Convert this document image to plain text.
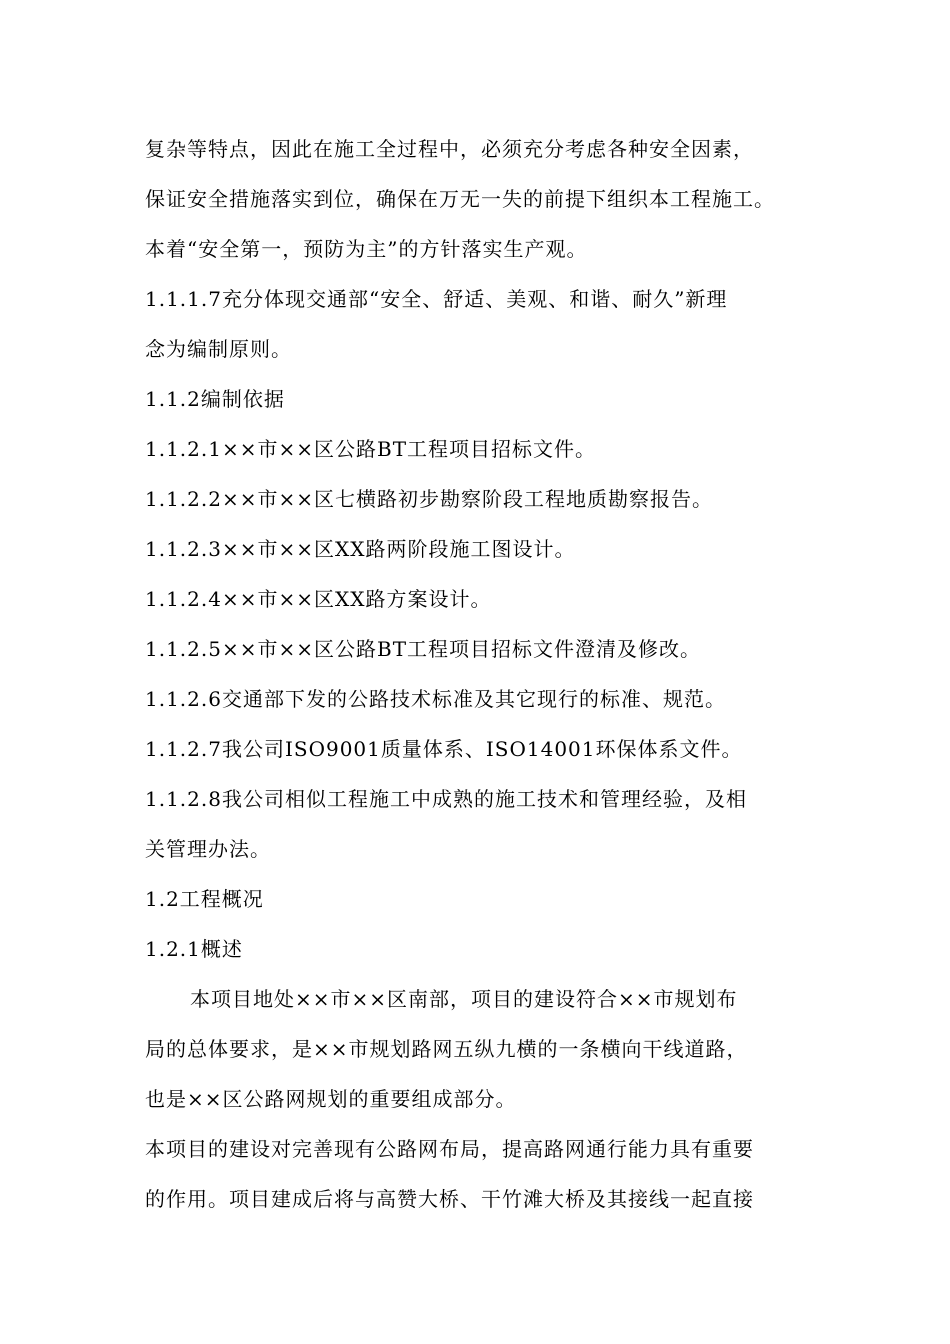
复杂等特点，因此在施工全过程中，必须充分考虑各种安全因素，
保证安全措施落实到位，确保在万无一失的前提下组织本工程施工。
本着“安全第一，预防为主”的方针落实生产观。
1.1.1.7充分体现交通部“安全、舒适、美观、和谐、耐久”新理
念为编制原则。
1.1.2编制依据
1.1.2.1××市××区公路BT工程项目招标文件。
1.1.2.2××市××区七横路初步勘察阶段工程地质勘察报告。
1.1.2.3××市××区XX路两阶段施工图设计。
1.1.2.4××市××区XX路方案设计。
1.1.2.5××市××区公路BT工程项目招标文件澄清及修改。
1.1.2.6交通部下发的公路技术标准及其它现行的标准、规范。
1.1.2.7我公司ISO9001质量体系、ISO14001环保体系文件。
1.1.2.8我公司相似工程施工中成熟的施工技术和管理经验，及相
关管理办法。
1.2工程概况
1.2.1概述
本项目地处××市××区南部，项目的建设符合××市规划布
局的总体要求，是××市规划路网五纵九横的一条横向干线道路，
也是××区公路网规划的重要组成部分。
本项目的建设对完善现有公路网布局，提高路网通行能力具有重要
的作用。项目建成后将与高赞大桥、干竹滩大桥及其接线一起直接
